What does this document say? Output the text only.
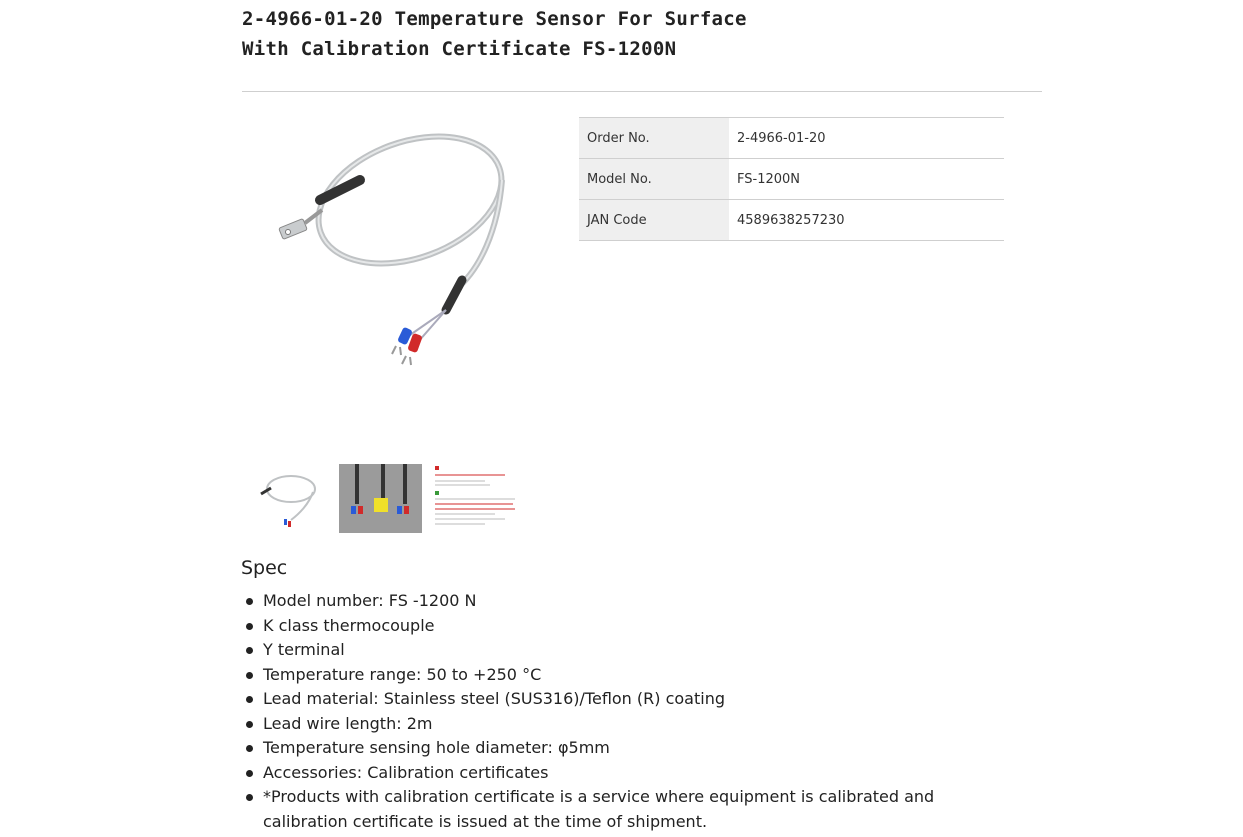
2-4966-01-20 Temperature Sensor For Surface
With Calibration Certificate FS-1200N
Order No.	2-4966-01-20
Model No.	FS-1200N
JAN Code	4589638257230
Spec
Model number: FS -1200 N
K class thermocouple
Y terminal
Temperature range: 50 to +250 °C
Lead material: Stainless steel (SUS316)/Teflon (R) coating
Lead wire length: 2m
Temperature sensing hole diameter: φ5mm
Accessories: Calibration certificates
*Products with calibration certificate is a service where equipment is calibrated and calibration certificate is issued at the time of shipment.
